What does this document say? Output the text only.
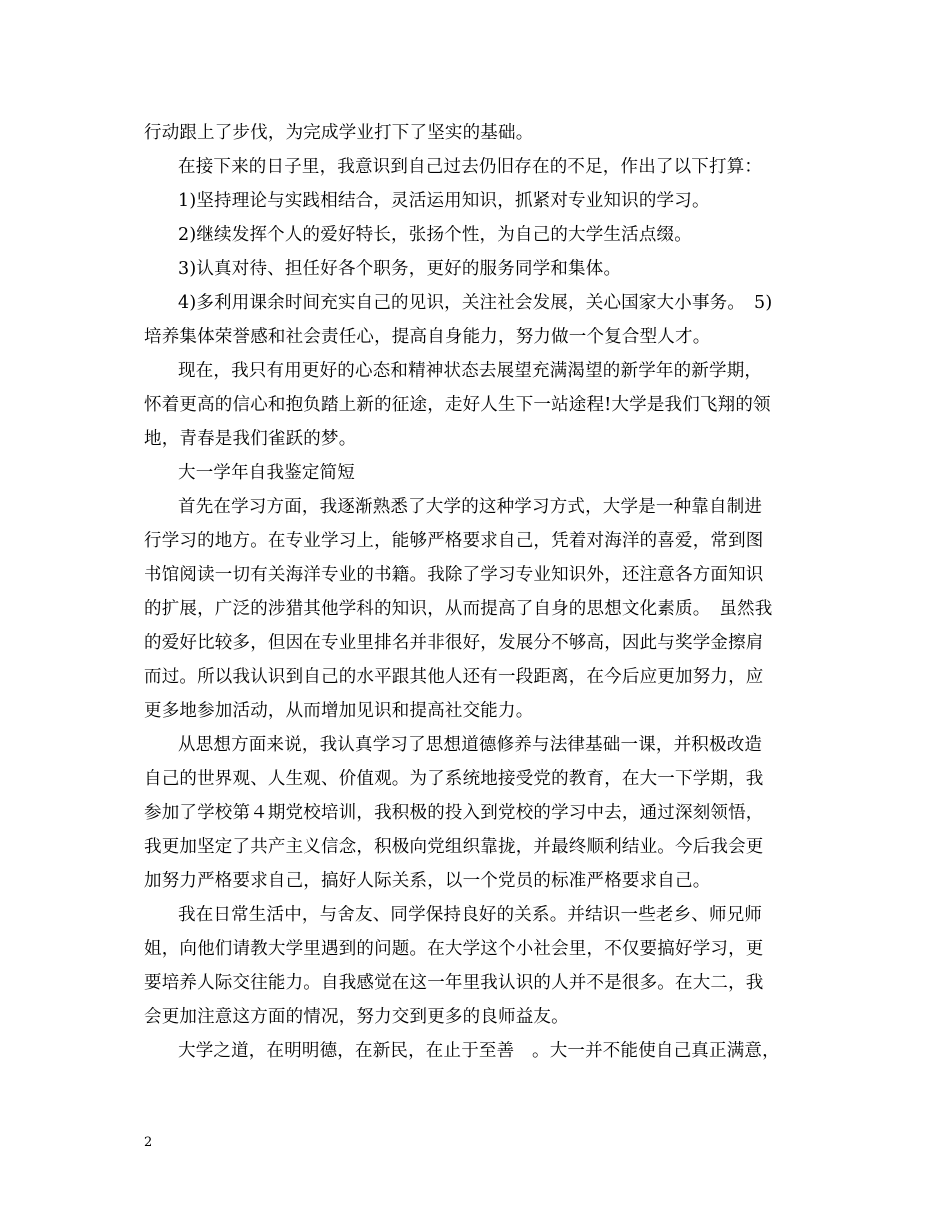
行动跟上了步伐，为完成学业打下了坚实的基础。
在接下来的日子里，我意识到自己过去仍旧存在的不足，作出了以下打算：
1)坚持理论与实践相结合，灵活运用知识，抓紧对专业知识的学习。
2)继续发挥个人的爱好特长，张扬个性，为自己的大学生活点缀。
3)认真对待、担任好各个职务，更好的服务同学和集体。
4)多利用课余时间充实自己的见识，关注社会发展，关心国家大小事务。　5)
培养集体荣誉感和社会责任心，提高自身能力，努力做一个复合型人才。
现在，我只有用更好的心态和精神状态去展望充满渴望的新学年的新学期，
怀着更高的信心和抱负踏上新的征途，走好人生下一站途程!大学是我们飞翔的领
地，青春是我们雀跃的梦。
大一学年自我鉴定简短
首先在学习方面，我逐渐熟悉了大学的这种学习方式，大学是一种靠自制进
行学习的地方。在专业学习上，能够严格要求自己，凭着对海洋的喜爱，常到图
书馆阅读一切有关海洋专业的书籍。我除了学习专业知识外，还注意各方面知识
的扩展，广泛的涉猎其他学科的知识，从而提高了自身的思想文化素质。　虽然我
的爱好比较多，但因在专业里排名并非很好，发展分不够高，因此与奖学金擦肩
而过。所以我认识到自己的水平跟其他人还有一段距离，在今后应更加努力，应
更多地参加活动，从而增加见识和提高社交能力。
从思想方面来说，我认真学习了思想道德修养与法律基础一课，并积极改造
自己的世界观、人生观、价值观。为了系统地接受党的教育，在大一下学期，我
参加了学校第４期党校培训，我积极的投入到党校的学习中去，通过深刻领悟，
我更加坚定了共产主义信念，积极向党组织靠拢，并最终顺利结业。今后我会更
加努力严格要求自己，搞好人际关系，以一个党员的标准严格要求自己。
我在日常生活中，与舍友、同学保持良好的关系。并结识一些老乡、师兄师
姐，向他们请教大学里遇到的问题。在大学这个小社会里，不仅要搞好学习，更
要培养人际交往能力。自我感觉在这一年里我认识的人并不是很多。在大二，我
会更加注意这方面的情况，努力交到更多的良师益友。
大学之道，在明明德，在新民，在止于至善　。大一并不能使自己真正满意，
2
